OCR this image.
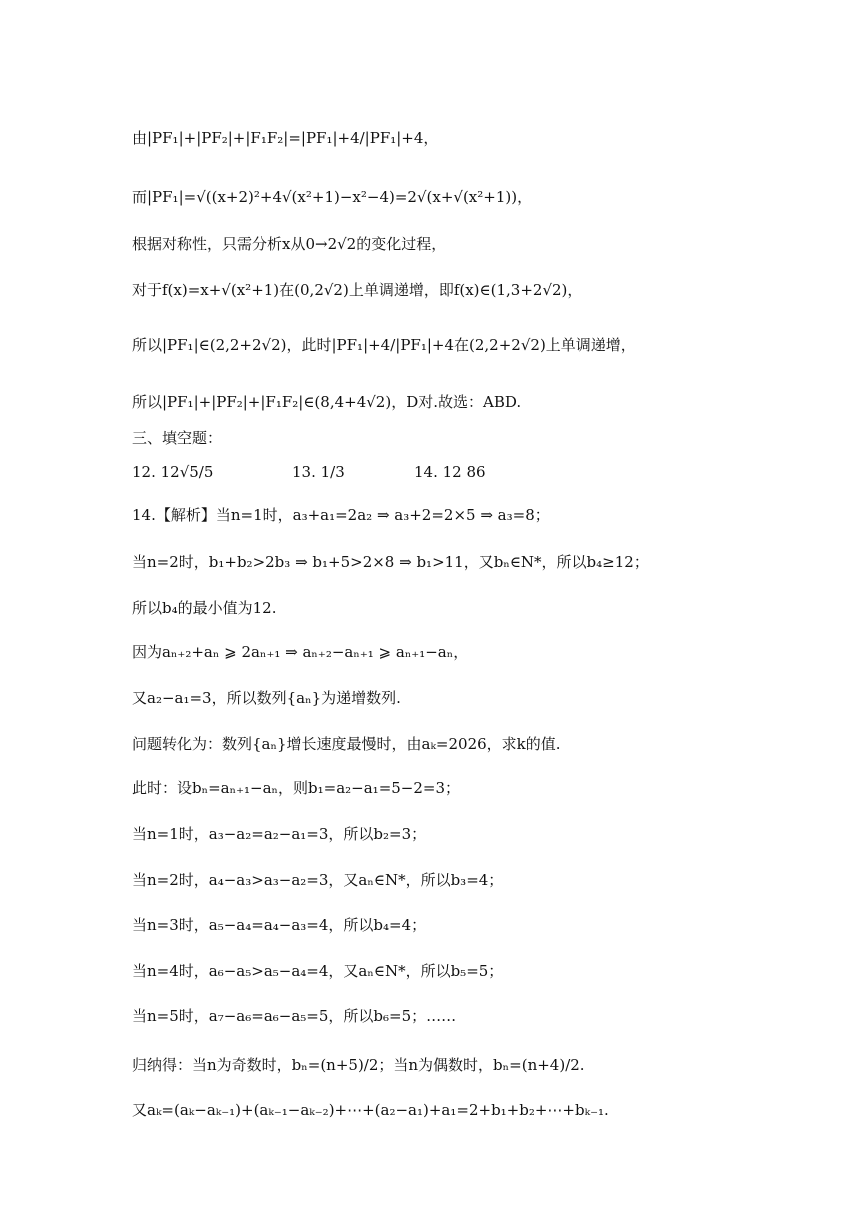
由|PF₁|+|PF₂|+|F₁F₂|=|PF₁|+4/|PF₁|+4，
而|PF₁|=√((x+2)²+4√(x²+1)−x²−4)=2√(x+√(x²+1))，
根据对称性，只需分析x从0→2√2的变化过程，
对于f(x)=x+√(x²+1)在(0,2√2)上单调递增，即f(x)∈(1,3+2√2)，
所以|PF₁|∈(2,2+2√2)，此时|PF₁|+4/|PF₁|+4在(2,2+2√2)上单调递增，
所以|PF₁|+|PF₂|+|F₁F₂|∈(8,4+4√2)，D对.故选：ABD.
三、填空题：
12. 12√5/5	13. 1/3	14. 12 86
14.【解析】当n=1时，a₃+a₁=2a₂ ⇒ a₃+2=2×5 ⇒ a₃=8；
当n=2时，b₁+b₂>2b₃ ⇒ b₁+5>2×8 ⇒ b₁>11，又bₙ∈N*，所以b₄≥12；
所以b₄的最小值为12.
因为aₙ₊₂+aₙ ⩾ 2aₙ₊₁ ⇒ aₙ₊₂−aₙ₊₁ ⩾ aₙ₊₁−aₙ，
又a₂−a₁=3，所以数列{aₙ}为递增数列.
问题转化为：数列{aₙ}增长速度最慢时，由aₖ=2026，求k的值.
此时：设bₙ=aₙ₊₁−aₙ，则b₁=a₂−a₁=5−2=3；
当n=1时，a₃−a₂=a₂−a₁=3，所以b₂=3；
当n=2时，a₄−a₃>a₃−a₂=3，又aₙ∈N*，所以b₃=4；
当n=3时，a₅−a₄=a₄−a₃=4，所以b₄=4；
当n=4时，a₆−a₅>a₅−a₄=4，又aₙ∈N*，所以b₅=5；
当n=5时，a₇−a₆=a₆−a₅=5，所以b₆=5；……
归纳得：当n为奇数时，bₙ=(n+5)/2；当n为偶数时，bₙ=(n+4)/2.
又aₖ=(aₖ−aₖ₋₁)+(aₖ₋₁−aₖ₋₂)+⋯+(a₂−a₁)+a₁=2+b₁+b₂+⋯+bₖ₋₁.
